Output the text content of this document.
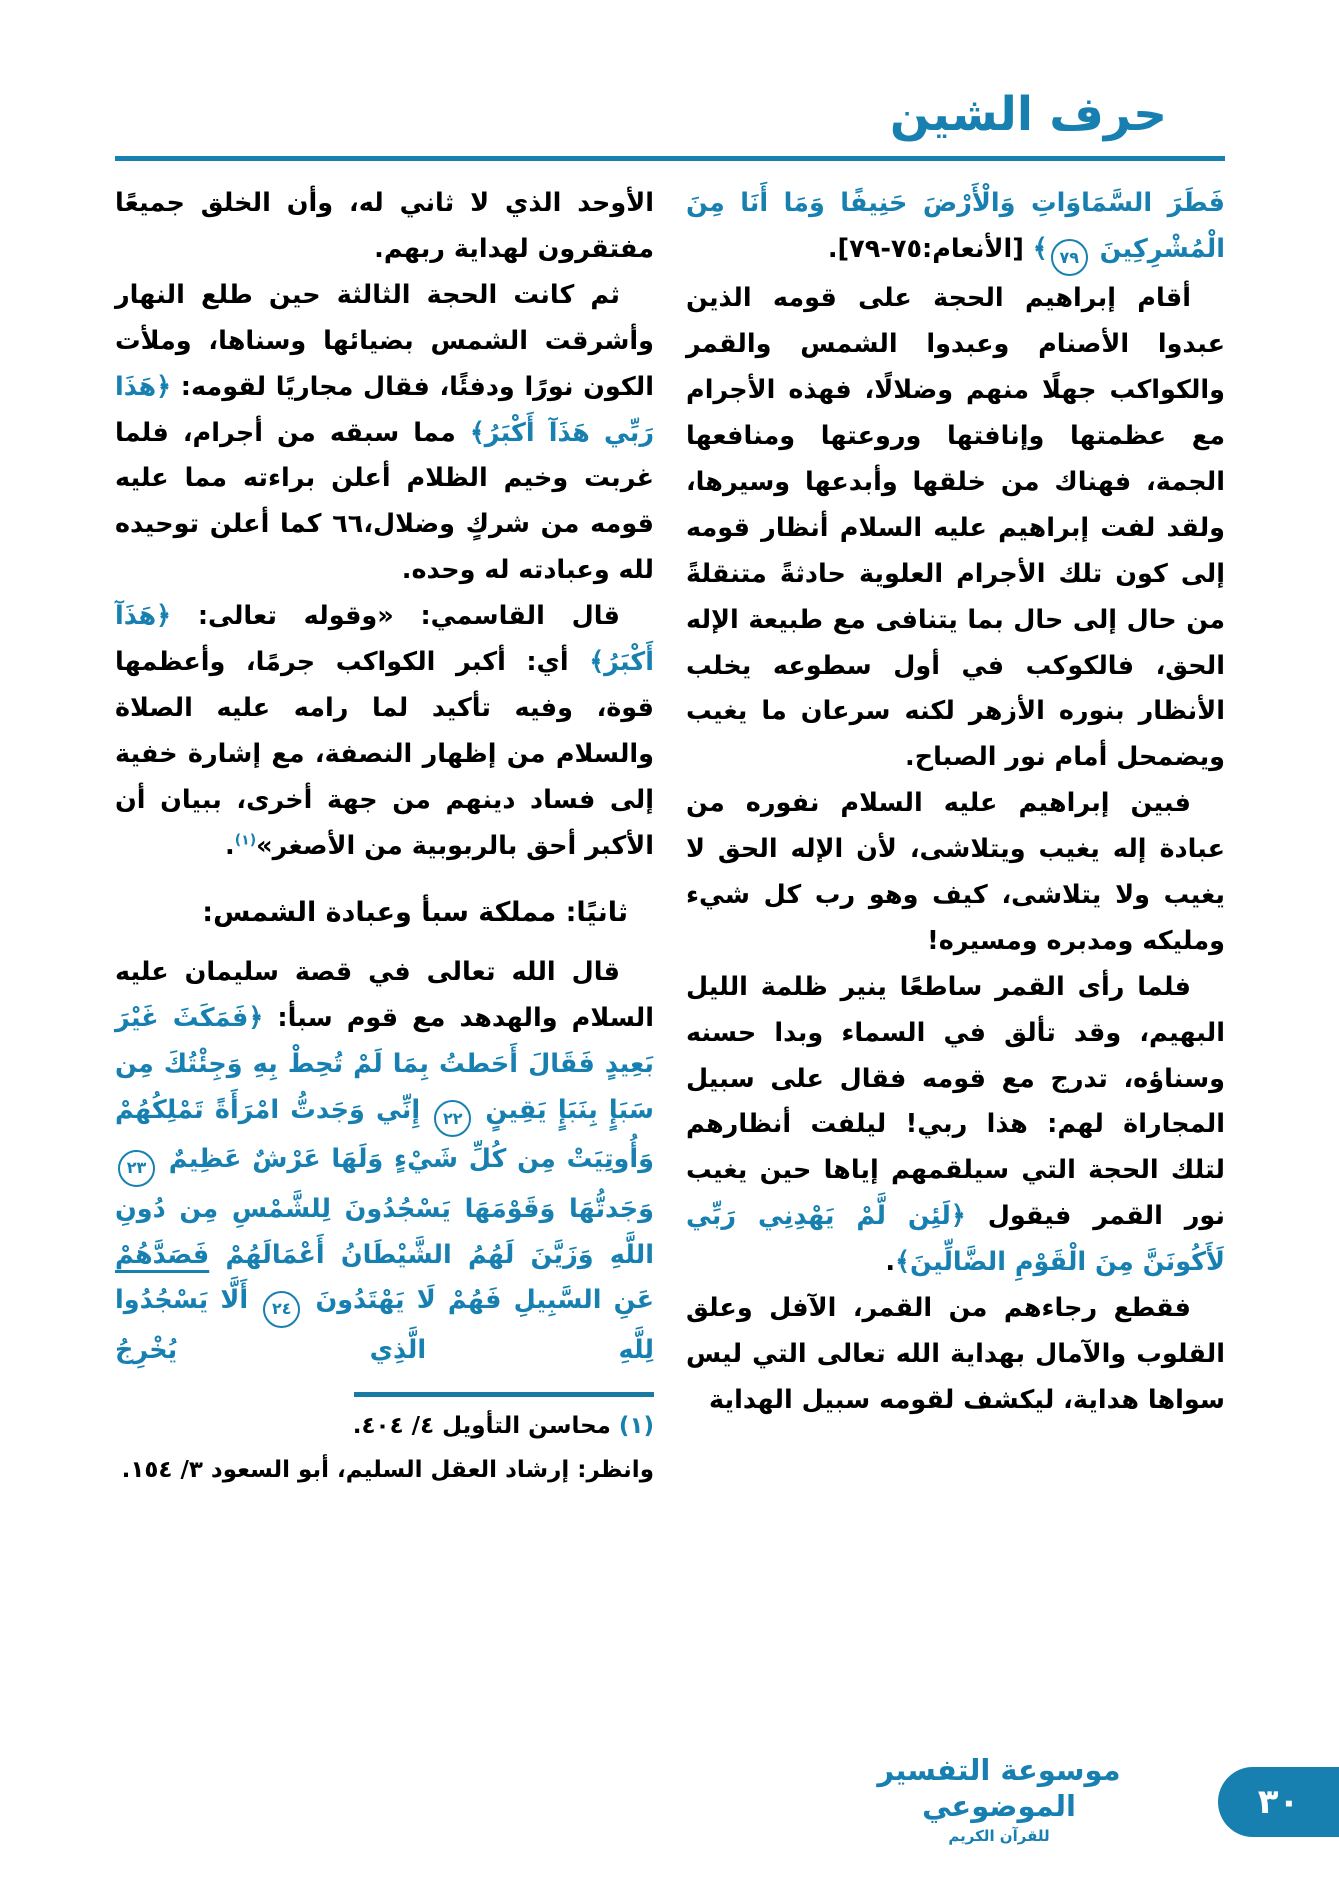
حرف الشين

فَطَرَ السَّمَاوَاتِ وَالْأَرْضَ حَنِيفًا وَمَا أَنَا مِنَ الْمُشْرِكِينَ ٧٩﴾ [الأنعام:٧٥-٧٩].

أقام إبراهيم الحجة على قومه الذين عبدوا الأصنام وعبدوا الشمس والقمر والكواكب جهلًا منهم وضلالًا، فهذه الأجرام مع عظمتها وإنافتها وروعتها ومنافعها الجمة، فهناك من خلقها وأبدعها وسيرها، ولقد لفت إبراهيم عليه السلام أنظار قومه إلى كون تلك الأجرام العلوية حادثةً متنقلةً من حال إلى حال بما يتنافى مع طبيعة الإله الحق، فالكوكب في أول سطوعه يخلب الأنظار بنوره الأزهر لكنه سرعان ما يغيب ويضمحل أمام نور الصباح.

فبين إبراهيم عليه السلام نفوره من عبادة إله يغيب ويتلاشى، لأن الإله الحق لا يغيب ولا يتلاشى، كيف وهو رب كل شيء ومليكه ومدبره ومسيره!

فلما رأى القمر ساطعًا ينير ظلمة الليل البهيم، وقد تألق في السماء وبدا حسنه وسناؤه، تدرج مع قومه فقال على سبيل المجاراة لهم: هذا ربي! ليلفت أنظارهم لتلك الحجة التي سيلقمهم إياها حين يغيب نور القمر فيقول ﴿لَئِن لَّمْ يَهْدِنِي رَبِّي لَأَكُونَنَّ مِنَ الْقَوْمِ الضَّالِّينَ﴾.

فقطع رجاءهم من القمر، الآفل وعلق القلوب والآمال بهداية الله تعالى التي ليس سواها هداية، ليكشف لقومه سبيل الهداية

الأوحد الذي لا ثاني له، وأن الخلق جميعًا مفتقرون لهداية ربهم.

ثم كانت الحجة الثالثة حين طلع النهار وأشرقت الشمس بضيائها وسناها، وملأت الكون نورًا ودفئًا، فقال مجاريًا لقومه: ﴿هَذَا رَبِّي هَذَآ أَكْبَرُ﴾ مما سبقه من أجرام، فلما غربت وخيم الظلام أعلن براءته مما عليه قومه من شركٍ وضلال،٦٦ كما أعلن توحيده لله وعبادته له وحده.

قال القاسمي: «وقوله تعالى: ﴿هَذَآ أَكْبَرُ﴾ أي: أكبر الكواكب جرمًا، وأعظمها قوة، وفيه تأكيد لما رامه عليه الصلاة والسلام من إظهار النصفة، مع إشارة خفية إلى فساد دينهم من جهة أخرى، ببيان أن الأكبر أحق بالربوبية من الأصغر»$^{(١)}$.

ثانيًا: مملكة سبأ وعبادة الشمس:

قال الله تعالى في قصة سليمان عليه السلام والهدهد مع قوم سبأ: ﴿فَمَكَثَ غَيْرَ بَعِيدٍ فَقَالَ أَحَطتُ بِمَا لَمْ تُحِطْ بِهِ وَجِئْتُكَ مِن سَبَإٍ بِنَبَإٍ يَقِينٍ ٢٢ إِنِّي وَجَدتُّ امْرَأَةً تَمْلِكُهُمْ وَأُوتِيَتْ مِن كُلِّ شَيْءٍ وَلَهَا عَرْشٌ عَظِيمٌ ٢٣ وَجَدتُّهَا وَقَوْمَهَا يَسْجُدُونَ لِلشَّمْسِ مِن دُونِ اللَّهِ وَزَيَّنَ لَهُمُ الشَّيْطَانُ أَعْمَالَهُمْ فَصَدَّهُمْ عَنِ السَّبِيلِ فَهُمْ لَا يَهْتَدُونَ ٢٤ أَلَّا يَسْجُدُوا لِلَّهِ الَّذِي يُخْرِجُ

(١) محاسن التأويل ٤/ ٤٠٤.

وانظر: إرشاد العقل السليم، أبو السعود ٣/ ١٥٤.

موسوعة التفسير الموضوعي
للقرآن الكريم
٣٠
